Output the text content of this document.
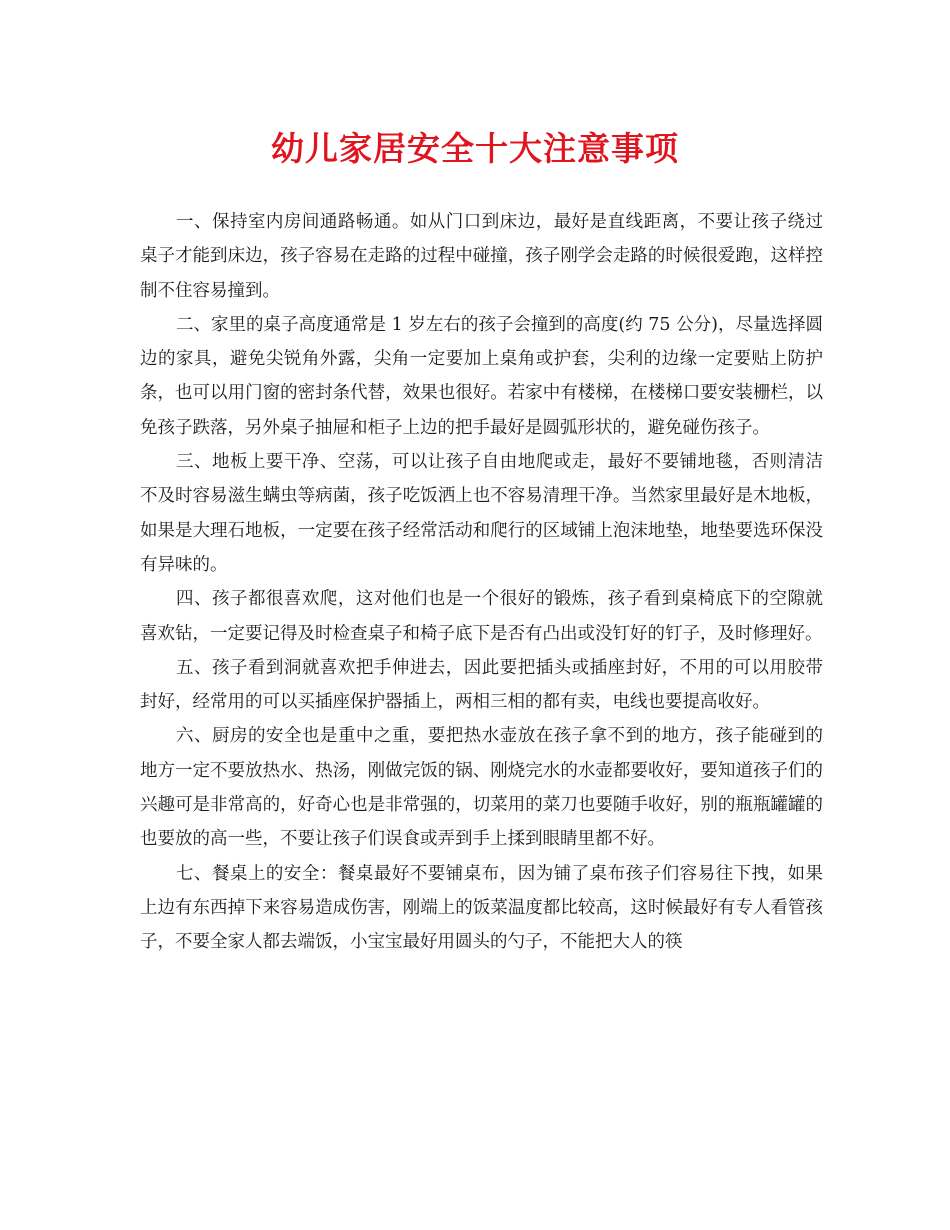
幼儿家居安全十大注意事项

一、保持室内房间通路畅通。如从门口到床边，最好是直线距离，不要让孩子绕过桌子才能到床边，孩子容易在走路的过程中碰撞，孩子刚学会走路的时候很爱跑，这样控制不住容易撞到。

二、家里的桌子高度通常是 1 岁左右的孩子会撞到的高度(约 75 公分)，尽量选择圆边的家具，避免尖锐角外露，尖角一定要加上桌角或护套，尖利的边缘一定要贴上防护条，也可以用门窗的密封条代替，效果也很好。若家中有楼梯，在楼梯口要安装栅栏，以免孩子跌落，另外桌子抽屉和柜子上边的把手最好是圆弧形状的，避免碰伤孩子。

三、地板上要干净、空荡，可以让孩子自由地爬或走，最好不要铺地毯，否则清洁不及时容易滋生螨虫等病菌，孩子吃饭洒上也不容易清理干净。当然家里最好是木地板，如果是大理石地板，一定要在孩子经常活动和爬行的区域铺上泡沫地垫，地垫要选环保没有异味的。

四、孩子都很喜欢爬，这对他们也是一个很好的锻炼，孩子看到桌椅底下的空隙就喜欢钻，一定要记得及时检查桌子和椅子底下是否有凸出或没钉好的钉子，及时修理好。

五、孩子看到洞就喜欢把手伸进去，因此要把插头或插座封好，不用的可以用胶带封好，经常用的可以买插座保护器插上，两相三相的都有卖，电线也要提高收好。

六、厨房的安全也是重中之重，要把热水壶放在孩子拿不到的地方，孩子能碰到的地方一定不要放热水、热汤，刚做完饭的锅、刚烧完水的水壶都要收好，要知道孩子们的兴趣可是非常高的，好奇心也是非常强的，切菜用的菜刀也要随手收好，别的瓶瓶罐罐的也要放的高一些，不要让孩子们误食或弄到手上揉到眼睛里都不好。

七、餐桌上的安全：餐桌最好不要铺桌布，因为铺了桌布孩子们容易往下拽，如果上边有东西掉下来容易造成伤害，刚端上的饭菜温度都比较高，这时候最好有专人看管孩子，不要全家人都去端饭，小宝宝最好用圆头的勺子，不能把大人的筷
